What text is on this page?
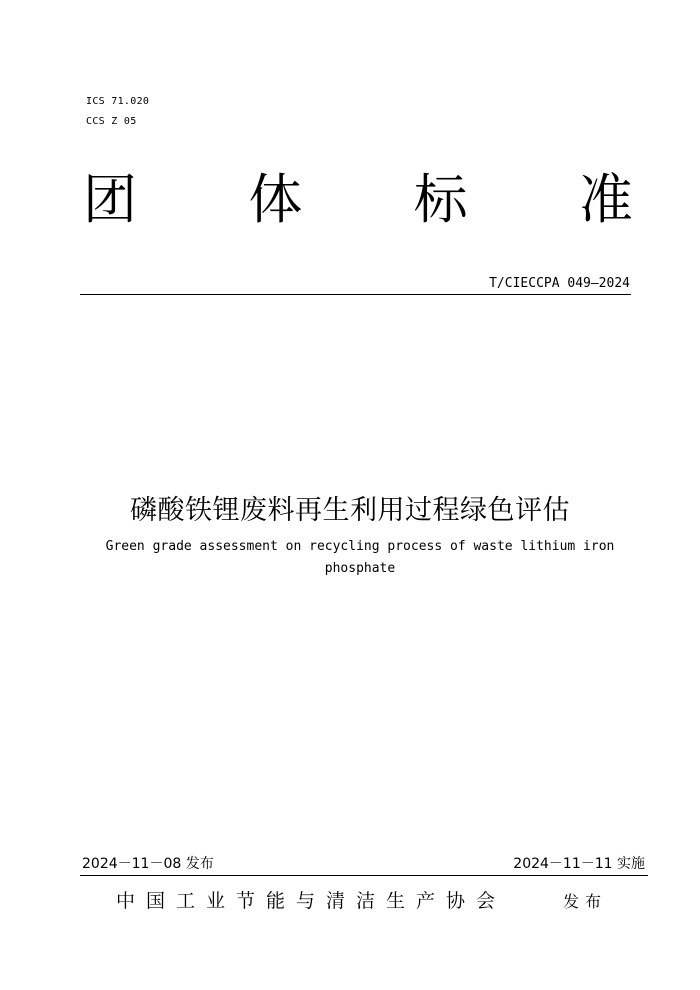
ICS 71.020
CCS Z 05
团 体 标 准
T/CIECCPA 049—2024
磷酸铁锂废料再生利用过程绿色评估
Green grade assessment on recycling process of waste lithium iron phosphate
2024－11－08 发布	2024－11－11 实施
中国工业节能与清洁生产协会	发布
